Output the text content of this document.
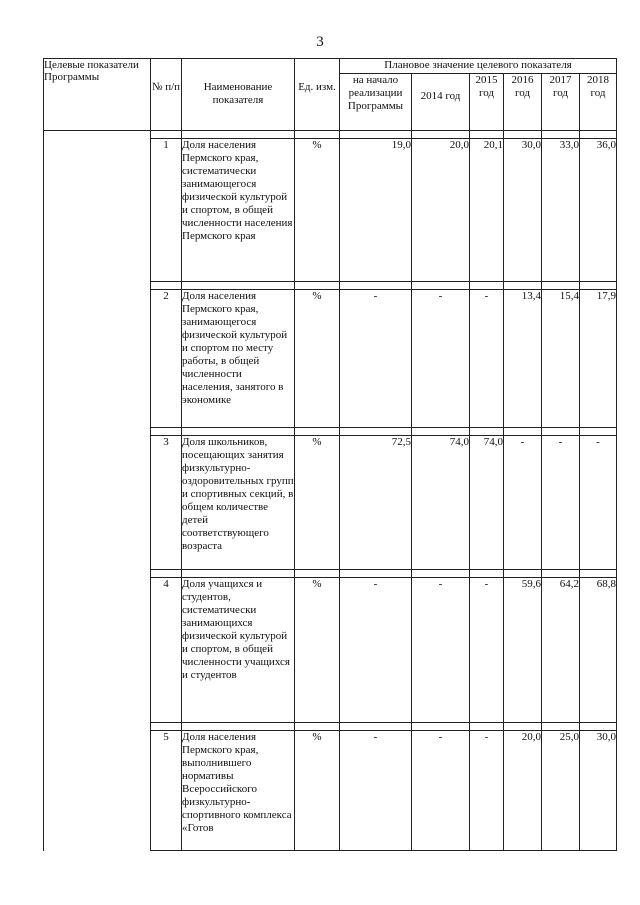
3
Целевые показатели Программы	№ п/п	Наименование показателя	Ед. изм.	Плановое значение целевого показателя					
				на начало реализации Программы	2014 год	2015 год	2016 год	2017 год	2018 год

	1	Доля населения Пермского края, систематически занимающегося физической культурой и спортом, в общей численности населения Пермского края	%	19,0	20,0	20,1	30,0	33,0	36,0

	2	Доля населения Пермского края, занимающегося физической культурой и спортом по месту работы, в общей численности населения, занятого в экономике	%	-	-	-	13,4	15,4	17,9

	3	Доля школьников, посещающих занятия физкультурно-оздоровительных групп и спортивных секций, в общем количестве детей соответствующего возраста	%	72,5	74,0	74,0	-	-	-

	4	Доля учащихся и студентов, систематически занимающихся физической культурой и спортом, в общей численности учащихся и студентов	%	-	-	-	59,6	64,2	68,8

	5	Доля населения Пермского края, выполнившего нормативы Всероссийского физкультурно-спортивного комплекса «Готов	%	-	-	-	20,0	25,0	30,0
